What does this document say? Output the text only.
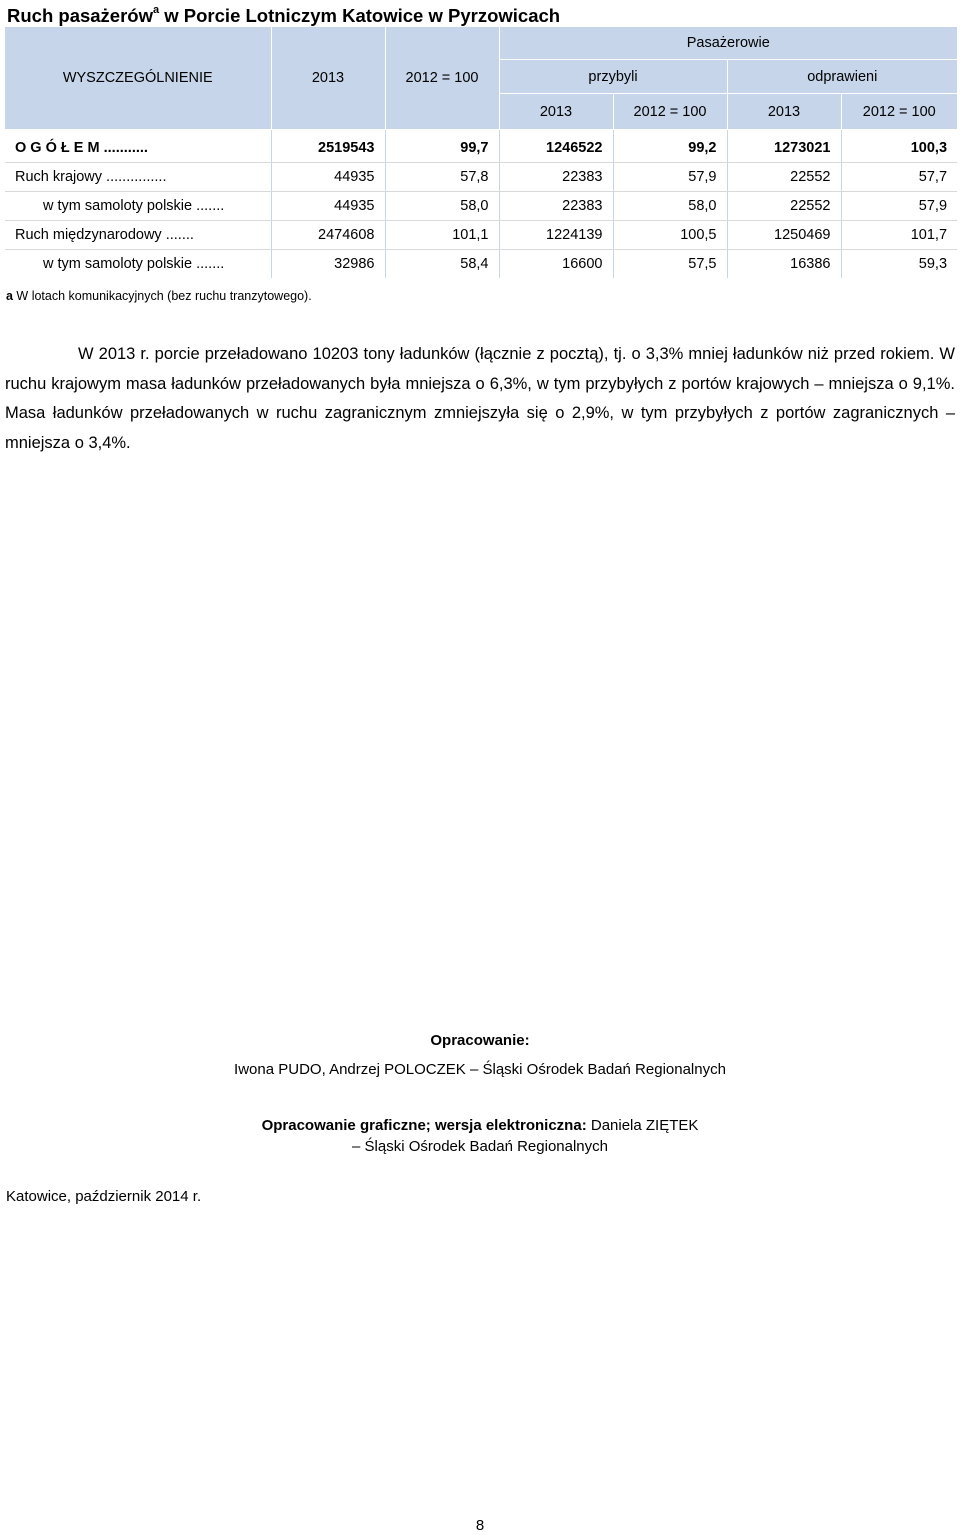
Ruch pasażerów$^a$ w Porcie Lotniczym Katowice w Pyrzowicach
WYSZCZEGÓLNIENIE	2013	2012 = 100	Pasażerowie			
			przybyli		odprawieni	
			2013	2012 = 100	2013	2012 = 100
O G Ó Ł E M ...........	2519543	99,7	1246522	99,2	1273021	100,3
Ruch krajowy ...............	44935	57,8	22383	57,9	22552	57,7
w tym samoloty polskie .......	44935	58,0	22383	58,0	22552	57,9
Ruch międzynarodowy .......	2474608	101,1	1224139	100,5	1250469	101,7
w tym samoloty polskie .......	32986	58,4	16600	57,5	16386	59,3
a W lotach komunikacyjnych (bez ruchu tranzytowego).

W 2013 r. porcie przeładowano 10203 tony ładunków (łącznie z pocztą), tj. o 3,3% mniej ładunków niż przed rokiem. W ruchu krajowym masa ładunków przeładowanych była mniejsza o 6,3%, w tym przybyłych z portów krajowych – mniejsza o 9,1%. Masa ładunków przeładowanych w ruchu zagranicznym zmniejszyła się o 2,9%, w tym przybyłych z portów zagranicznych – mniejsza o 3,4%.

Opracowanie:
Iwona PUDO, Andrzej POLOCZEK – Śląski Ośrodek Badań Regionalnych
Opracowanie graficzne; wersja elektroniczna: Daniela ZIĘTEK
– Śląski Ośrodek Badań Regionalnych
Katowice, październik 2014 r.
8
